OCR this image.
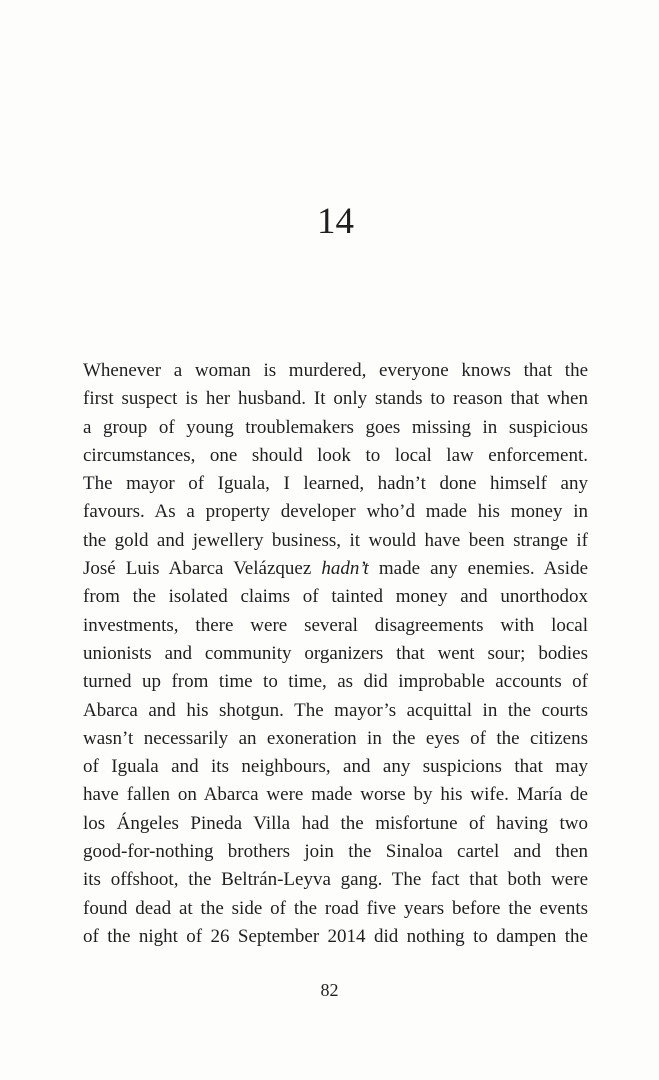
14
Whenever a woman is murdered, everyone knows that the
first suspect is her husband. It only stands to reason that when
a group of young troublemakers goes missing in suspicious
circumstances, one should look to local law enforcement.
The mayor of Iguala, I learned, hadn’t done himself any
favours. As a property developer who’d made his money in
the gold and jewellery business, it would have been strange if
José Luis Abarca Velázquez hadn’t made any enemies. Aside
from the isolated claims of tainted money and unorthodox
investments, there were several disagreements with local
unionists and community organizers that went sour; bodies
turned up from time to time, as did improbable accounts of
Abarca and his shotgun. The mayor’s acquittal in the courts
wasn’t necessarily an exoneration in the eyes of the citizens
of Iguala and its neighbours, and any suspicions that may
have fallen on Abarca were made worse by his wife. María de
los Ángeles Pineda Villa had the misfortune of having two
good-for-nothing brothers join the Sinaloa cartel and then
its offshoot, the Beltrán-Leyva gang. The fact that both were
found dead at the side of the road five years before the events
of the night of 26 September 2014 did nothing to dampen the
82
